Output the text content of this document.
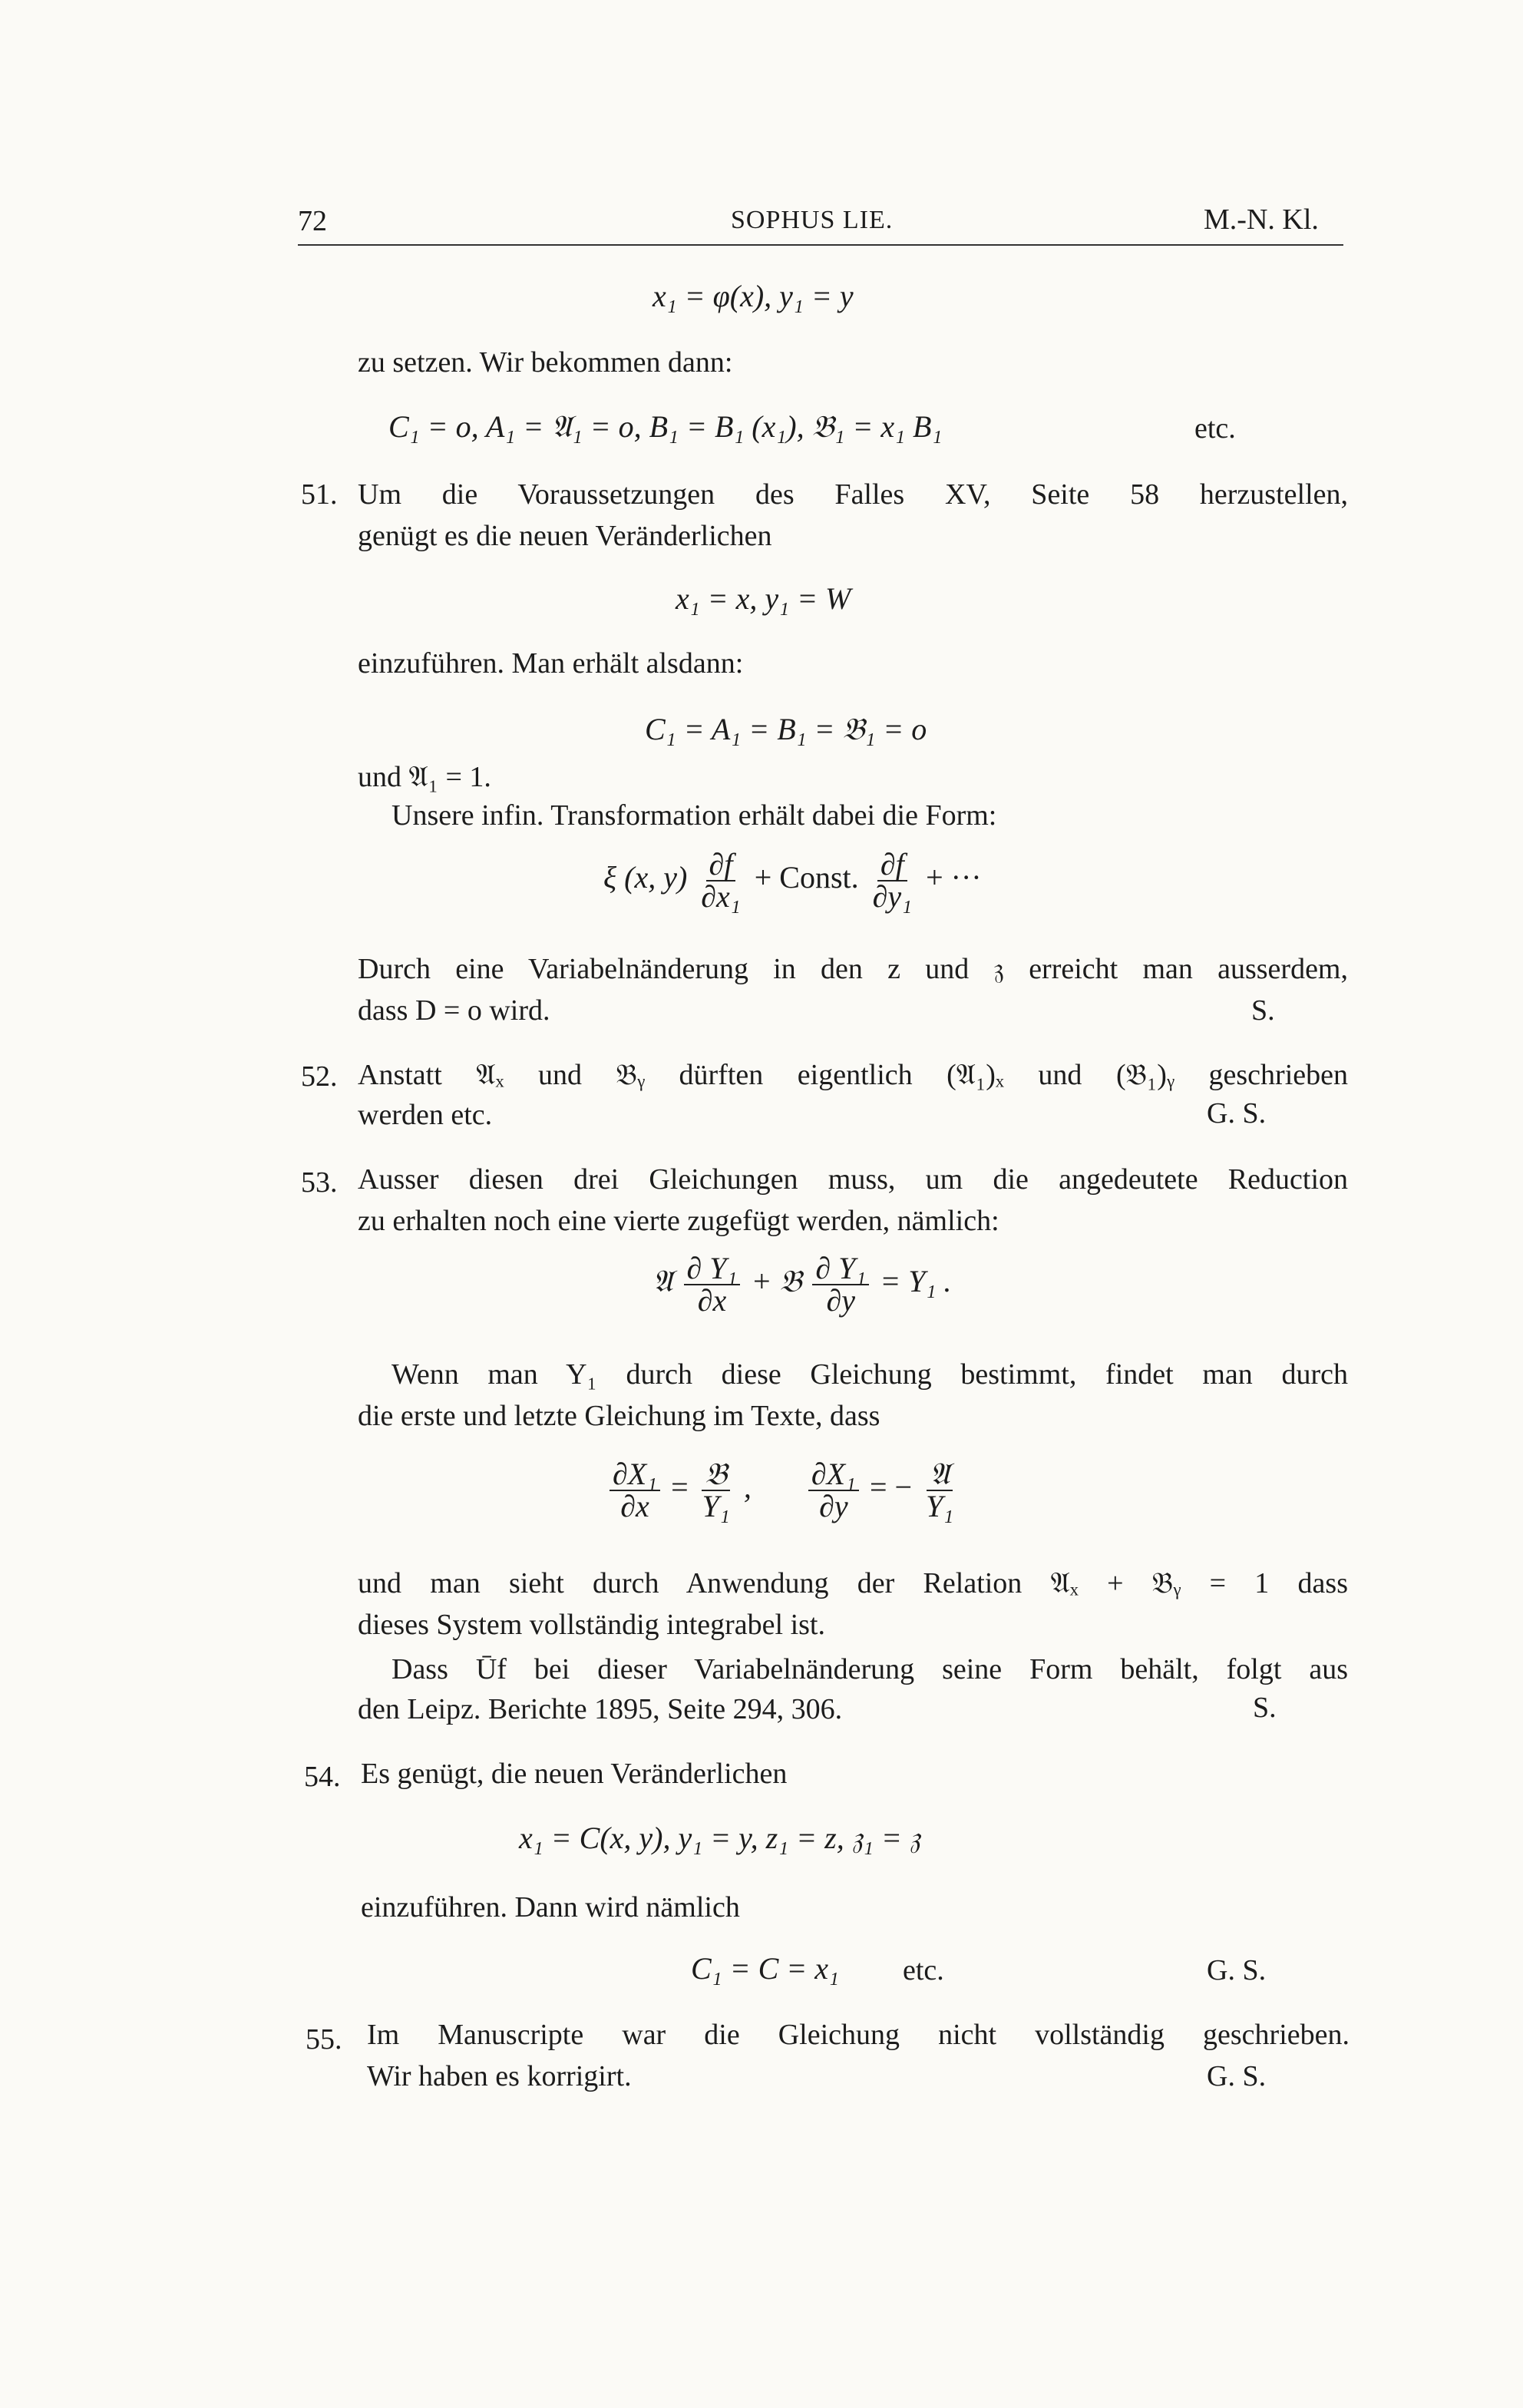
72	SOPHUS LIE.	M.-N. Kl.
x₁ = φ(x), y₁ = y
zu setzen. Wir bekommen dann:
C₁ = o, A₁ = 𝔄₁ = o, B₁ = B₁ (x₁), 𝔅₁ = x₁ B₁	etc.
51. Um die Voraussetzungen des Falles XV, Seite 58 herzustellen,
genügt es die neuen Veränderlichen
x₁ = x, y₁ = W
einzuführen. Man erhält alsdann:
C₁ = A₁ = B₁ = 𝔅₁ = o
und 𝔄₁ = 1.
Unsere infin. Transformation erhält dabei die Form:
ξ (x, $y) \frac{\partial f}{\text{∂x₁}}$ + Const. $\frac{\partial f}{\text{∂y₁}}$ + ···
Durch eine Variabelnänderung in den z und 𝔷 erreicht man ausserdem,
dass D = o wird.	S.
52. Anstatt 𝔄ₓ und 𝔅ᵧ dürften eigentlich (𝔄₁)ₓ und (𝔅₁)ᵧ geschrieben
werden etc.	G. S.
53. Ausser diesen drei Gleichungen muss, um die angedeutete Reduction
zu erhalten noch eine vierte zugefügt werden, nämlich:
𝔄 $\frac{\text{∂ Y₁}}{\partial x}$ + 𝔅 $\frac{\text{∂ Y₁}}{\partial y} = Y_1$ .
Wenn man Y₁ durch diese Gleichung bestimmt, findet man durch
die erste und letzte Gleichung im Texte, dass
$\frac{\text{∂X₁}}{\partial x} = \frac{\text{𝔅}}{\text{Y₁}}$ , $\frac{\text{∂X₁}}{\partial y}$ = − $\frac{\text{𝔄}}{\text{Y₁}}$
und man sieht durch Anwendung der Relation 𝔄ₓ + 𝔅ᵧ = 1 dass
dieses System vollständig integrabel ist.
Dass Ūf bei dieser Variabelnänderung seine Form behält, folgt aus
den Leipz. Berichte 1895, Seite 294, 306.	S.
54. Es genügt, die neuen Veränderlichen
x₁ = C(x, y), y₁ = y, z₁ = z, 𝔷₁ = 𝔷
einzuführen. Dann wird nämlich
C₁ = C = x₁ etc.	G. S.
55. Im Manuscripte war die Gleichung nicht vollständig geschrieben.
Wir haben es korrigirt.	G. S.
